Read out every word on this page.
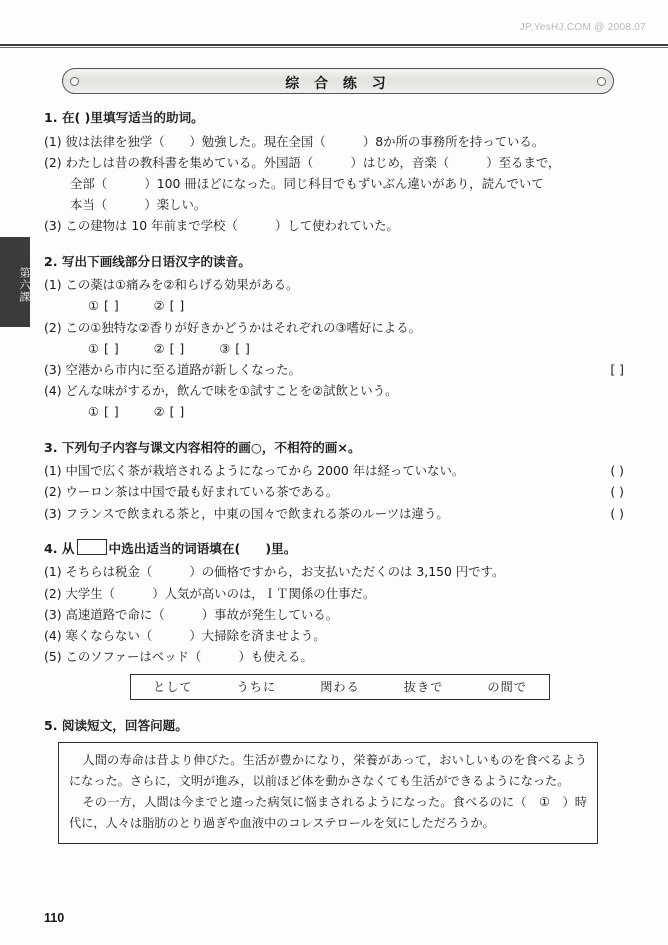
JP.YesHJ.COM @ 2008.07
第六課
综 合 练 习
1. 在( )里填写适当的助词。
(1) 彼は法律を独学（　　）勉強した。現在全国（　　　）8か所の事務所を持っている。
(2) わたしは昔の教科書を集めている。外国語（　　　）はじめ，音楽（　　　）至るまで，
全部（　　　）100 冊ほどになった。同じ科目でもずいぶん違いがあり，読んでいて
本当（　　　）楽しい。
(3) この建物は 10 年前まで学校（　　　）して使われていた。
2. 写出下画线部分日语汉字的读音。
(1) この薬は①痛みを②和らげる効果がある。
① [ ]	② [ ]
(2) この①独特な②香りが好きかどうかはそれぞれの③嗜好による。
① [ ]	② [ ]	③ [ ]
(3) 空港から市内に至る道路が新しくなった。	[ ]
(4) どんな味がするか，飲んで味を①試すことを②試飲という。
① [ ]	② [ ]
3. 下列句子内容与课文内容相符的画○，不相符的画×。
(1) 中国で広く茶が栽培されるようになってから 2000 年は経っていない。	( )
(2) ウーロン茶は中国で最も好まれている茶である。	( )
(3) フランスで飲まれる茶と，中東の国々で飲まれる茶のルーツは違う。	( )
4. 从	中选出适当的词语填在(　　)里。
(1) そちらは税金（　　　）の価格ですから，お支払いただくのは 3,150 円です。
(2) 大学生（　　　）人気が高いのは，ＩＴ関係の仕事だ。
(3) 高速道路で命に（　　　）事故が発生している。
(4) 寒くならない（　　　）大掃除を済ませよう。
(5) このソファーはベッド（　　　）も使える。
として	うちに	関わる	抜きで	の間で
5. 阅读短文，回答问题。

人間の寿命は昔より伸びた。生活が豊かになり，栄養があって，おいしいものを食べるようになった。さらに，文明が進み，以前ほど体を動かさなくても生活ができるようになった。

その一方，人間は今までと違った病気に悩まされるようになった。食べるのに（　①　）時代に，人々は脂肪のとり過ぎや血液中のコレステロールを気にしただろうか。

110
